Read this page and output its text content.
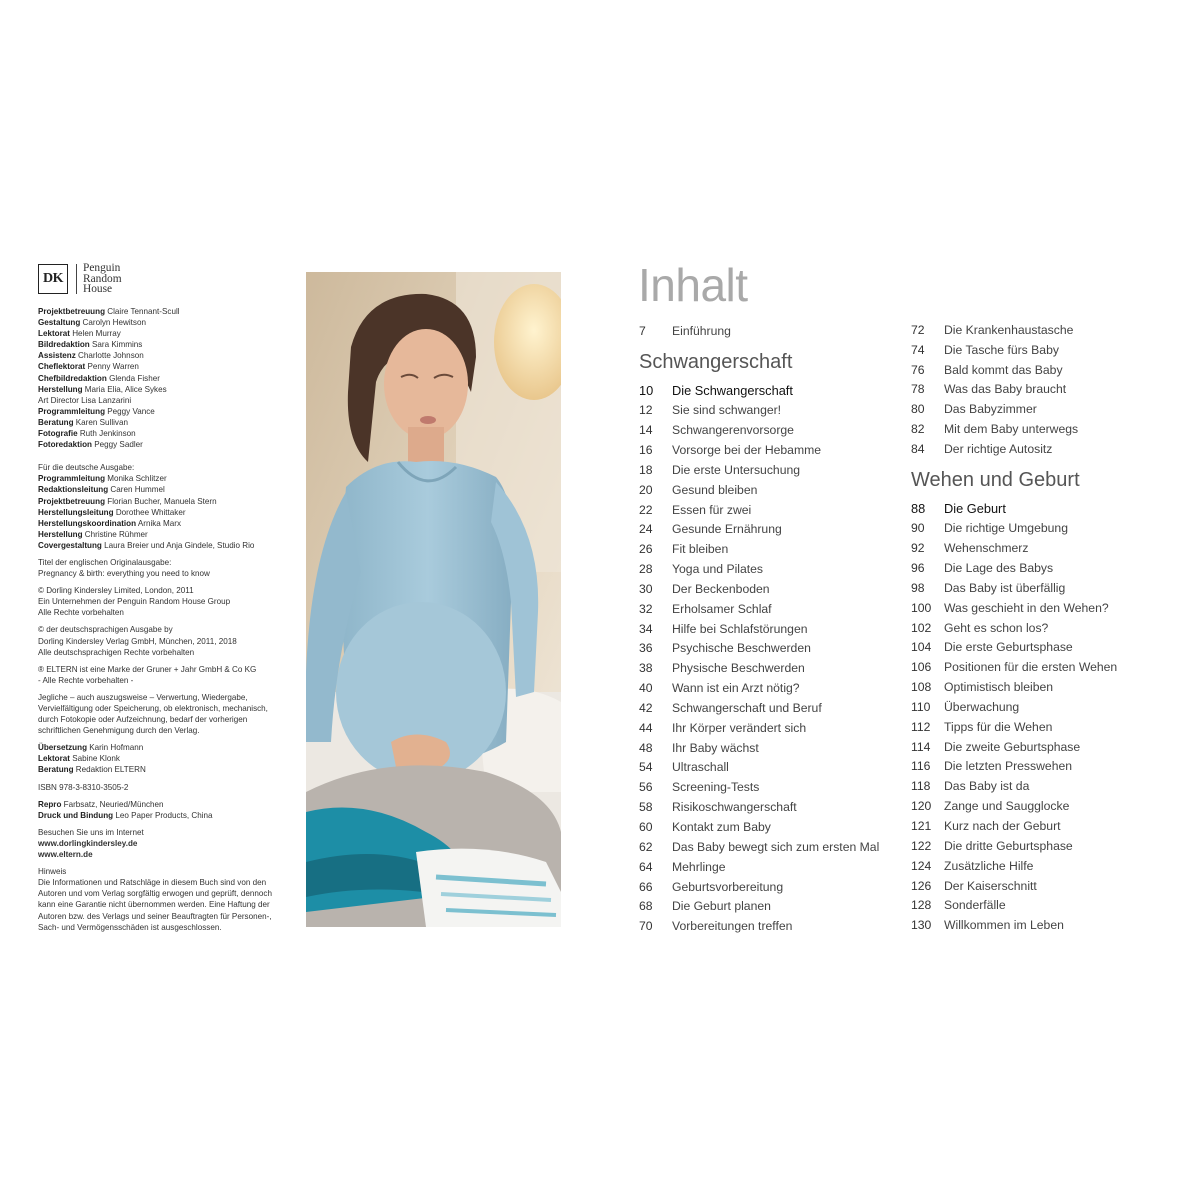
DK
Penguin
Random
House
Projektbetreuung Claire Tennant-Scull
Gestaltung Carolyn Hewitson
Lektorat Helen Murray
Bildredaktion Sara Kimmins
Assistenz Charlotte Johnson
Cheflektorat Penny Warren
Chefbildredaktion Glenda Fisher
Herstellung Maria Elia, Alice Sykes
Art Director Lisa Lanzarini
Programmleitung Peggy Vance
Beratung Karen Sullivan
Fotografie Ruth Jenkinson
Fotoredaktion Peggy Sadler
Für die deutsche Ausgabe:
Programmleitung Monika Schlitzer
Redaktionsleitung Caren Hummel
Projektbetreuung Florian Bucher, Manuela Stern
Herstellungsleitung Dorothee Whittaker
Herstellungskoordination Arnika Marx
Herstellung Christine Rühmer
Covergestaltung Laura Breier und Anja Gindele, Studio Rio
Titel der englischen Originalausgabe:
Pregnancy & birth: everything you need to know
© Dorling Kindersley Limited, London, 2011
Ein Unternehmen der Penguin Random House Group
Alle Rechte vorbehalten
© der deutschsprachigen Ausgabe by
Dorling Kindersley Verlag GmbH, München, 2011, 2018
Alle deutschsprachigen Rechte vorbehalten
® ELTERN ist eine Marke der Gruner + Jahr GmbH & Co KG
- Alle Rechte vorbehalten -
Jegliche – auch auszugsweise – Verwertung, Wiedergabe,
Vervielfältigung oder Speicherung, ob elektronisch, mechanisch,
durch Fotokopie oder Aufzeichnung, bedarf der vorherigen
schriftlichen Genehmigung durch den Verlag.
Übersetzung Karin Hofmann
Lektorat Sabine Klonk
Beratung Redaktion ELTERN
ISBN 978-3-8310-3505-2
Repro Farbsatz, Neuried/München
Druck und Bindung Leo Paper Products, China
Besuchen Sie uns im Internet
www.dorlingkindersley.de
www.eltern.de
Hinweis
Die Informationen und Ratschläge in diesem Buch sind von den
Autoren und vom Verlag sorgfältig erwogen und geprüft, dennoch
kann eine Garantie nicht übernommen werden. Eine Haftung der
Autoren bzw. des Verlags und seiner Beauftragten für Personen-,
Sach- und Vermögensschäden ist ausgeschlossen.
Inhalt
7	Einführung
Schwangerschaft
10	Die Schwangerschaft
12	Sie sind schwanger!
14	Schwangerenvorsorge
16	Vorsorge bei der Hebamme
18	Die erste Untersuchung
20	Gesund bleiben
22	Essen für zwei
24	Gesunde Ernährung
26	Fit bleiben
28	Yoga und Pilates
30	Der Beckenboden
32	Erholsamer Schlaf
34	Hilfe bei Schlafstörungen
36	Psychische Beschwerden
38	Physische Beschwerden
40	Wann ist ein Arzt nötig?
42	Schwangerschaft und Beruf
44	Ihr Körper verändert sich
48	Ihr Baby wächst
54	Ultraschall
56	Screening-Tests
58	Risikoschwangerschaft
60	Kontakt zum Baby
62	Das Baby bewegt sich zum ersten Mal
64	Mehrlinge
66	Geburtsvorbereitung
68	Die Geburt planen
70	Vorbereitungen treffen
72	Die Krankenhaustasche
74	Die Tasche fürs Baby
76	Bald kommt das Baby
78	Was das Baby braucht
80	Das Babyzimmer
82	Mit dem Baby unterwegs
84	Der richtige Autositz
Wehen und Geburt
88	Die Geburt
90	Die richtige Umgebung
92	Wehenschmerz
96	Die Lage des Babys
98	Das Baby ist überfällig
100	Was geschieht in den Wehen?
102	Geht es schon los?
104	Die erste Geburtsphase
106	Positionen für die ersten Wehen
108	Optimistisch bleiben
110	Überwachung
112	Tipps für die Wehen
114	Die zweite Geburtsphase
116	Die letzten Presswehen
118	Das Baby ist da
120	Zange und Saugglocke
121	Kurz nach der Geburt
122	Die dritte Geburtsphase
124	Zusätzliche Hilfe
126	Der Kaiserschnitt
128	Sonderfälle
130	Willkommen im Leben
